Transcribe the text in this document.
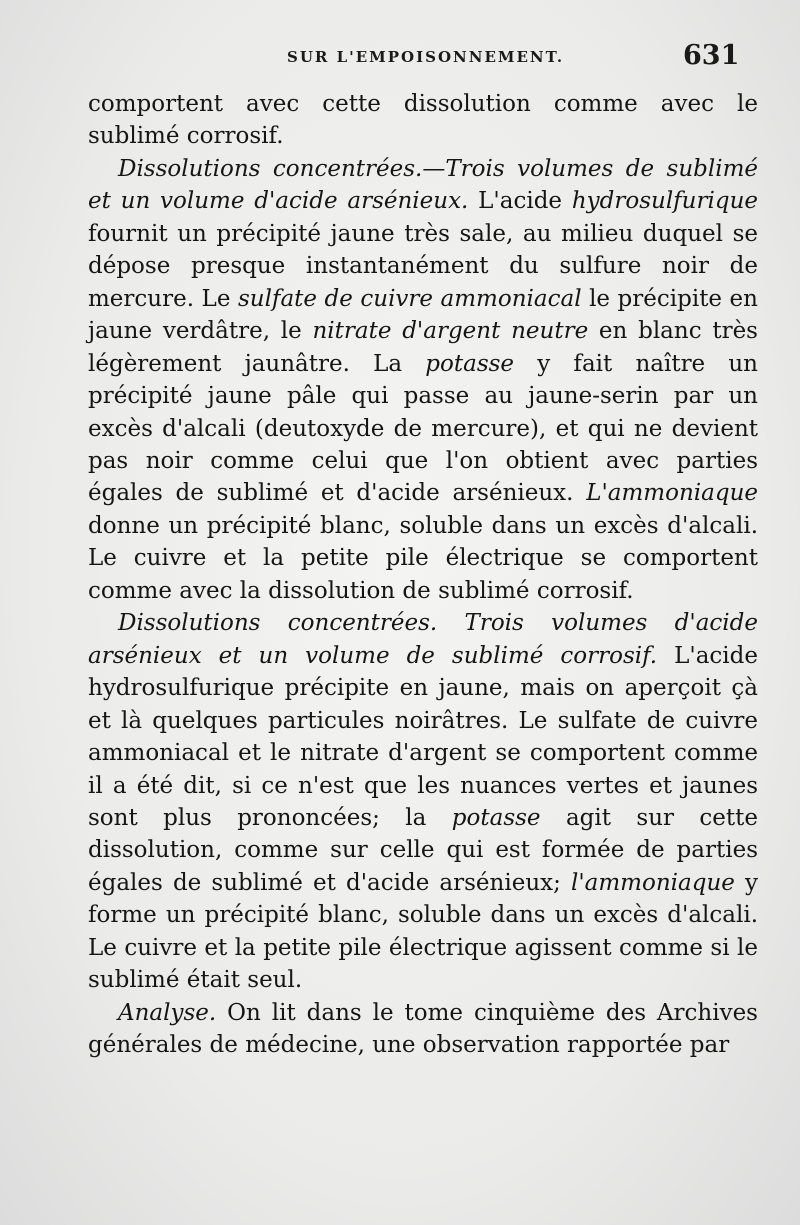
SUR L'EMPOISONNEMENT.	631

comportent avec cette dissolution comme avec le sublimé corrosif.

Dissolutions concentrées.—Trois volumes de sublimé et un volume d'acide arsénieux. L'acide hydrosulfurique fournit un précipité jaune très sale, au milieu duquel se dépose presque instantanément du sulfure noir de mercure. Le sulfate de cuivre ammoniacal le précipite en jaune verdâtre, le nitrate d'argent neutre en blanc très légèrement jaunâtre. La potasse y fait naître un précipité jaune pâle qui passe au jaune-serin par un excès d'alcali (deutoxyde de mercure), et qui ne devient pas noir comme celui que l'on obtient avec parties égales de sublimé et d'acide arsénieux. L'ammoniaque donne un précipité blanc, soluble dans un excès d'alcali. Le cuivre et la petite pile électrique se comportent comme avec la dissolution de sublimé corrosif.

Dissolutions concentrées. Trois volumes d'acide arsénieux et un volume de sublimé corrosif. L'acide hydrosulfurique précipite en jaune, mais on aperçoit çà et là quelques particules noirâtres. Le sulfate de cuivre ammoniacal et le nitrate d'argent se comportent comme il a été dit, si ce n'est que les nuances vertes et jaunes sont plus prononcées; la potasse agit sur cette dissolution, comme sur celle qui est formée de parties égales de sublimé et d'acide arsénieux; l'ammoniaque y forme un précipité blanc, soluble dans un excès d'alcali. Le cuivre et la petite pile électrique agissent comme si le sublimé était seul.

Analyse. On lit dans le tome cinquième des Archives générales de médecine, une observation rapportée par
